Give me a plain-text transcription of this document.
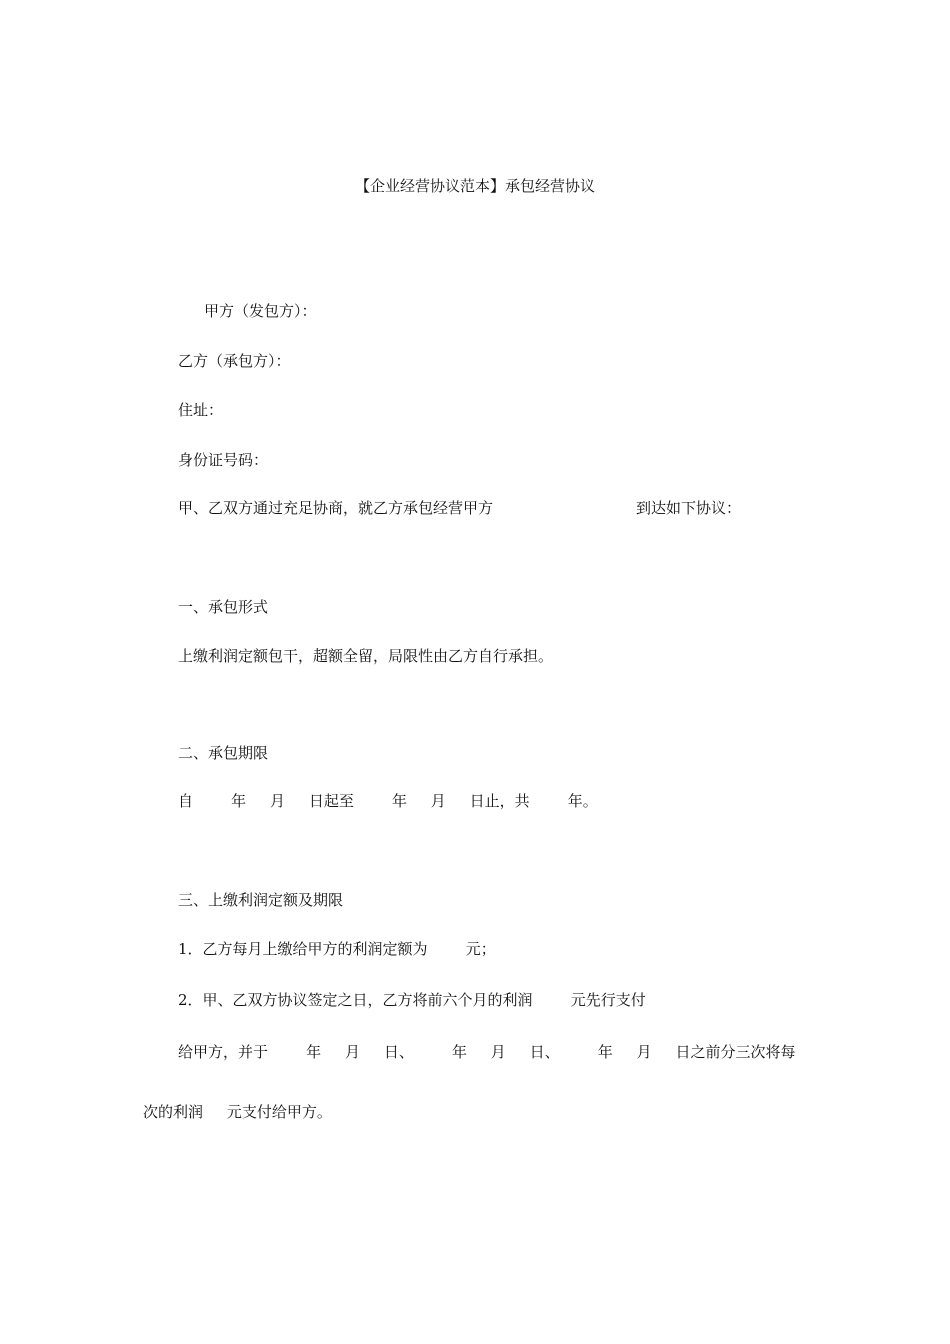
【企业经营协议范本】承包经营协议
甲方（发包方）：
乙方（承包方）：
住址：
身份证号码：
甲、乙双方通过充足协商，就乙方承包经营甲方	到达如下协议：
一、承包形式
上缴利润定额包干，超额全留，局限性由乙方自行承担。
二、承包期限
自        年     月     日起至        年     月     日止，共        年。
三、上缴利润定额及期限
1．乙方每月上缴给甲方的利润定额为        元；
2．甲、乙双方协议签定之日，乙方将前六个月的利润        元先行支付
给甲方，并于        年     月     日、        年     月     日、        年     月     日之前分三次将每
次的利润     元支付给甲方。
